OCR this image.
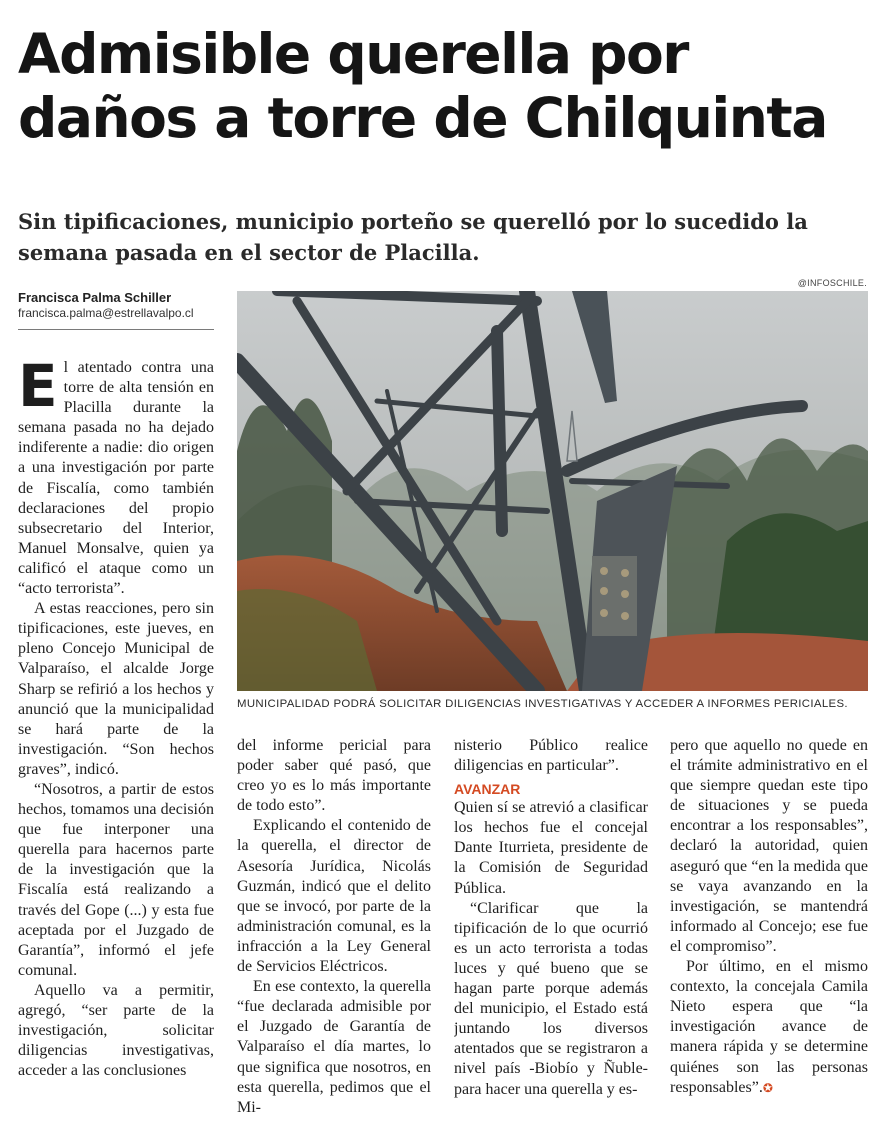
Admisible querella por
daños a torre de Chilquinta

Sin tipificaciones, municipio porteño se querelló por lo sucedido la semana pasada en el sector de Placilla.

Francisca Palma Schiller
francisca.palma@estrellavalpo.cl
@INFOSCHILE.
MUNICIPALIDAD PODRÁ SOLICITAR DILIGENCIAS INVESTIGATIVAS Y ACCEDER A INFORMES PERICIALES.
E l atentado contra una torre de alta tensión en Placilla durante la semana pasada no ha dejado indiferente a nadie: dio origen a una investigación por parte de Fiscalía, como también declaraciones del propio subsecretario del Interior, Manuel Monsalve, quien ya calificó el ataque como un “acto terrorista”.

A estas reacciones, pero sin tipificaciones, este jueves, en pleno Concejo Municipal de Valparaíso, el alcalde Jorge Sharp se refirió a los hechos y anunció que la municipalidad se hará parte de la investigación. “Son hechos graves”, indicó.

“Nosotros, a partir de estos hechos, tomamos una decisión que fue interponer una querella para hacernos parte de la investigación que la Fiscalía está realizando a través del Gope (...) y esta fue aceptada por el Juzgado de Garantía”, informó el jefe comunal.

Aquello va a permitir, agregó, “ser parte de la investigación, solicitar diligencias investigativas, acceder a las conclusiones

del informe pericial para poder saber qué pasó, que creo yo es lo más importante de todo esto”.

Explicando el contenido de la querella, el director de Asesoría Jurídica, Nicolás Guzmán, indicó que el delito que se invocó, por parte de la administración comunal, es la infracción a la Ley General de Servicios Eléctricos.

En ese contexto, la querella “fue declarada admisible por el Juzgado de Garantía de Valparaíso el día martes, lo que significa que nosotros, en esta querella, pedimos que el Mi-

nisterio Público realice diligencias en particular”.

AVANZAR

Quien sí se atrevió a clasificar los hechos fue el concejal Dante Iturrieta, presidente de la Comisión de Seguridad Pública.

“Clarificar que la tipificación de lo que ocurrió es un acto terrorista a todas luces y qué bueno que se hagan parte porque además del municipio, el Estado está juntando los diversos atentados que se registraron a nivel país -Biobío y Ñuble- para hacer una querella y es-

pero que aquello no quede en el trámite administrativo en el que siempre quedan este tipo de situaciones y se pueda encontrar a los responsables”, declaró la autoridad, quien aseguró que “en la medida que se vaya avanzando en la investigación, se mantendrá informado al Concejo; ese fue el compromiso”.

Por último, en el mismo contexto, la concejala Camila Nieto espera que “la investigación avance de manera rápida y se determine quiénes son las personas responsables”.✪
